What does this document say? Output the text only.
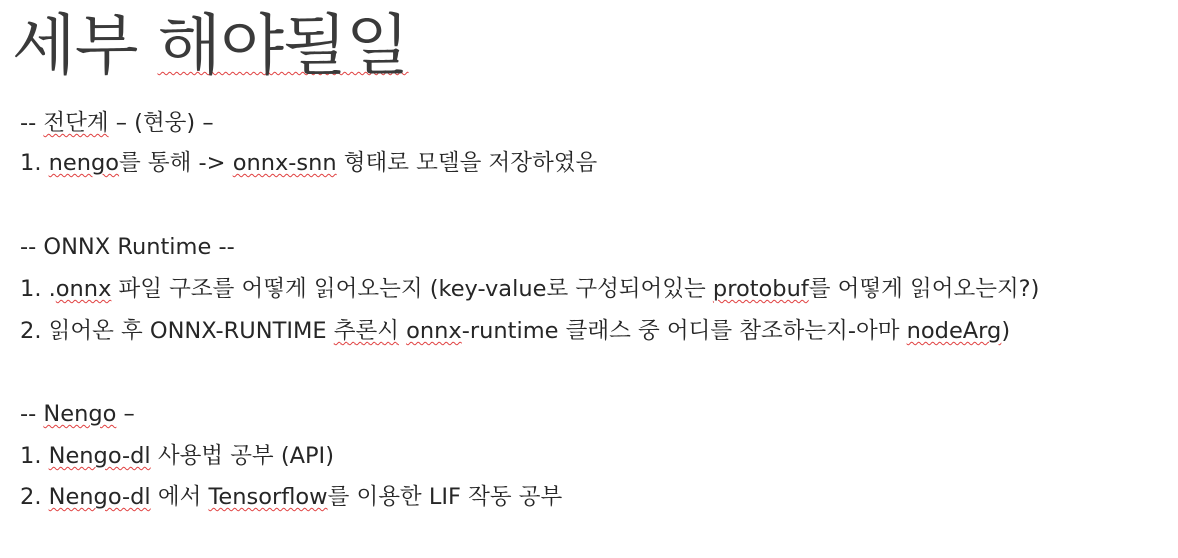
세부 해야될일
-- 전단계 – (현웅) –
1. nengo를 통해 -> onnx-snn 형태로 모델을 저장하였음
-- ONNX Runtime --
1. .onnx 파일 구조를 어떻게 읽어오는지 (key-value로 구성되어있는 protobuf를 어떻게 읽어오는지?)
2. 읽어온 후 ONNX-RUNTIME 추론시 onnx-runtime 클래스 중 어디를 참조하는지-아마 nodeArg)
-- Nengo –
1. Nengo-dl 사용법 공부 (API)
2. Nengo-dl 에서 Tensorflow를 이용한 LIF 작동 공부
